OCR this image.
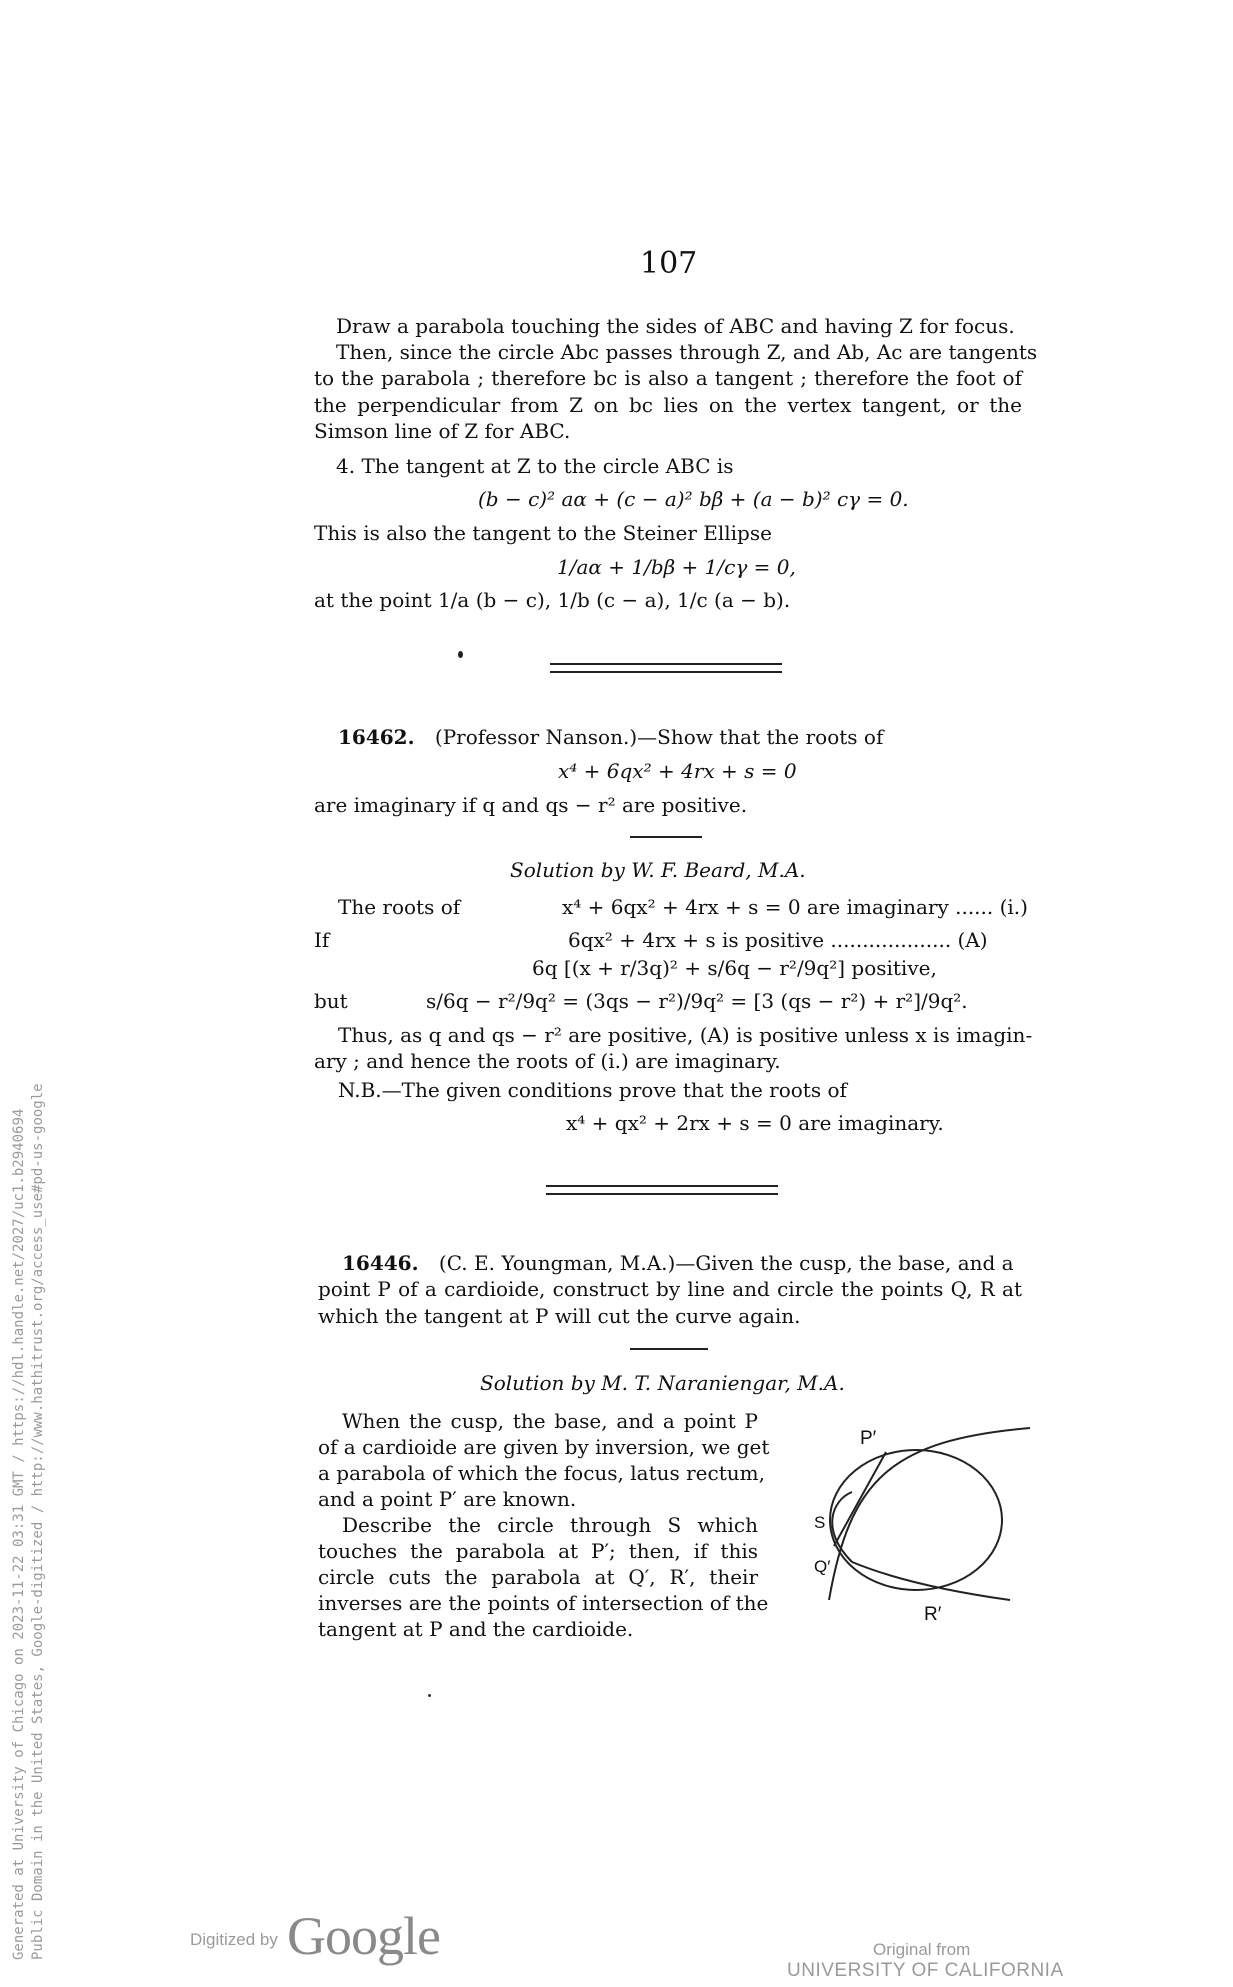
107
Draw a parabola touching the sides of ABC and having Z for focus.
Then, since the circle Abc passes through Z, and Ab, Ac are tangents
to the parabola ; therefore bc is also a tangent ; therefore the foot of
the perpendicular from Z on bc lies on the vertex tangent, or the
Simson line of Z for ABC.
4. The tangent at Z to the circle ABC is
(b − c)² aα + (c − a)² bβ + (a − b)² cγ = 0.
This is also the tangent to the Steiner Ellipse
1/aα + 1/bβ + 1/cγ = 0,
at the point 1/a (b − c), 1/b (c − a), 1/c (a − b).
16462. (Professor Nanson.)—Show that the roots of
x⁴ + 6qx² + 4rx + s = 0
are imaginary if q and qs − r² are positive.
Solution by W. F. Beard, M.A.
The roots of	x⁴ + 6qx² + 4rx + s = 0 are imaginary ...... (i.)
If	6qx² + 4rx + s is positive ................... (A)
6q [(x + r/3q)² + s/6q − r²/9q²] positive,
but	s/6q − r²/9q² = (3qs − r²)/9q² = [3 (qs − r²) + r²]/9q².
Thus, as q and qs − r² are positive, (A) is positive unless x is imagin-
ary ; and hence the roots of (i.) are imaginary.
N.B.—The given conditions prove that the roots of
x⁴ + qx² + 2rx + s = 0 are imaginary.
16446. (C. E. Youngman, M.A.)—Given the cusp, the base, and a
point P of a cardioide, construct by line and circle the points Q, R at
which the tangent at P will cut the curve again.
Solution by M. T. Naraniengar, M.A.
When the cusp, the base, and a point P
of a cardioide are given by inversion, we get
a parabola of which the focus, latus rectum,
and a point P′ are known.
Describe the circle through S which
touches the parabola at P′; then, if this
circle cuts the parabola at Q′, R′, their
inverses are the points of intersection of the
tangent at P and the cardioide.
P′
S
Q′
R′
Generated at University of Chicago on 2023-11-22 03:31 GMT / https://hdl.handle.net/2027/uc1.b2940694 Public Domain in the United States, Google-digitized / http://www.hathitrust.org/access_use#pd-us-google	Digitized by Google	Original from
UNIVERSITY OF CALIFORNIA
